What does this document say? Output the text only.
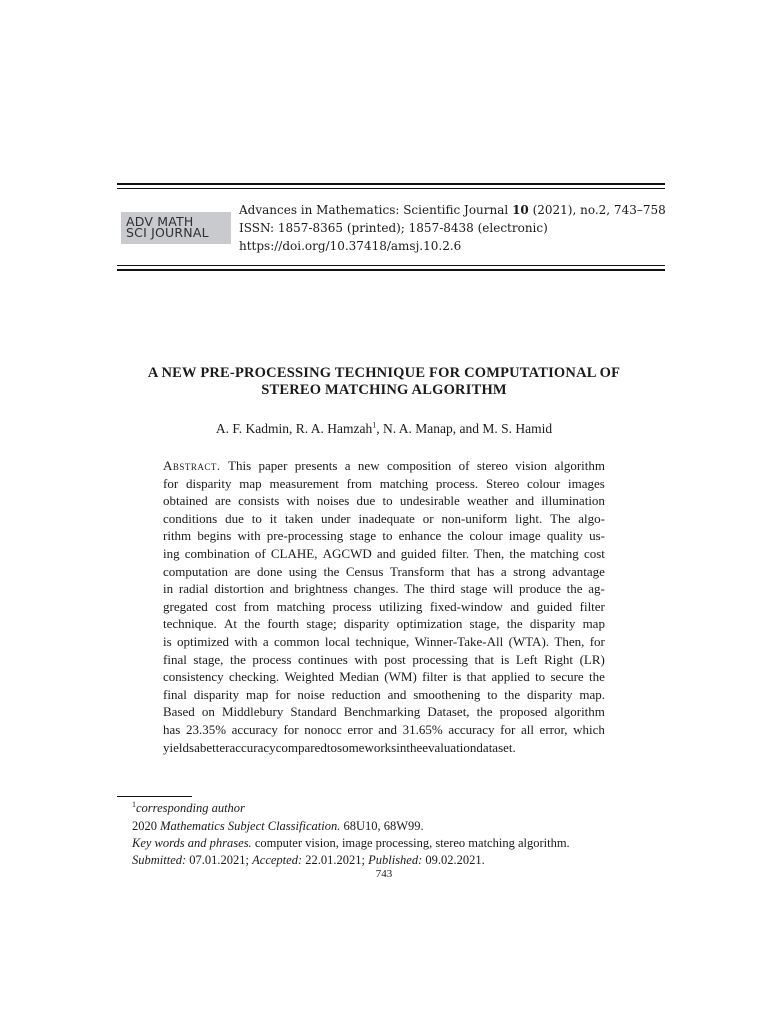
ADV MATH
SCI JOURNAL
Advances in Mathematics: Scientific Journal 10 (2021), no.2, 743–758
ISSN: 1857-8365 (printed); 1857-8438 (electronic)
https://doi.org/10.37418/amsj.10.2.6
A NEW PRE-PROCESSING TECHNIQUE FOR COMPUTATIONAL OF
STEREO MATCHING ALGORITHM
A. F. Kadmin, R. A. Hamzah$^1$, N. A. Manap, and M. S. Hamid
Abstract. This paper presents a new composition of stereo vision algorithm
for disparity map measurement from matching process. Stereo colour images
obtained are consists with noises due to undesirable weather and illumination
conditions due to it taken under inadequate or non-uniform light. The algo-
rithm begins with pre-processing stage to enhance the colour image quality us-
ing combination of CLAHE, AGCWD and guided filter. Then, the matching cost
computation are done using the Census Transform that has a strong advantage
in radial distortion and brightness changes. The third stage will produce the ag-
gregated cost from matching process utilizing fixed-window and guided filter
technique. At the fourth stage; disparity optimization stage, the disparity map
is optimized with a common local technique, Winner-Take-All (WTA). Then, for
final stage, the process continues with post processing that is Left Right (LR)
consistency checking. Weighted Median (WM) filter is that applied to secure the
final disparity map for noise reduction and smoothening to the disparity map.
Based on Middlebury Standard Benchmarking Dataset, the proposed algorithm
has 23.35% accuracy for nonocc error and 31.65% accuracy for all error, which
yields a better accuracy compared to some works in the evaluation dataset.
$^1$corresponding author
2020 Mathematics Subject Classification. 68U10, 68W99.
Key words and phrases. computer vision, image processing, stereo matching algorithm.
Submitted: 07.01.2021; Accepted: 22.01.2021; Published: 09.02.2021.
743
